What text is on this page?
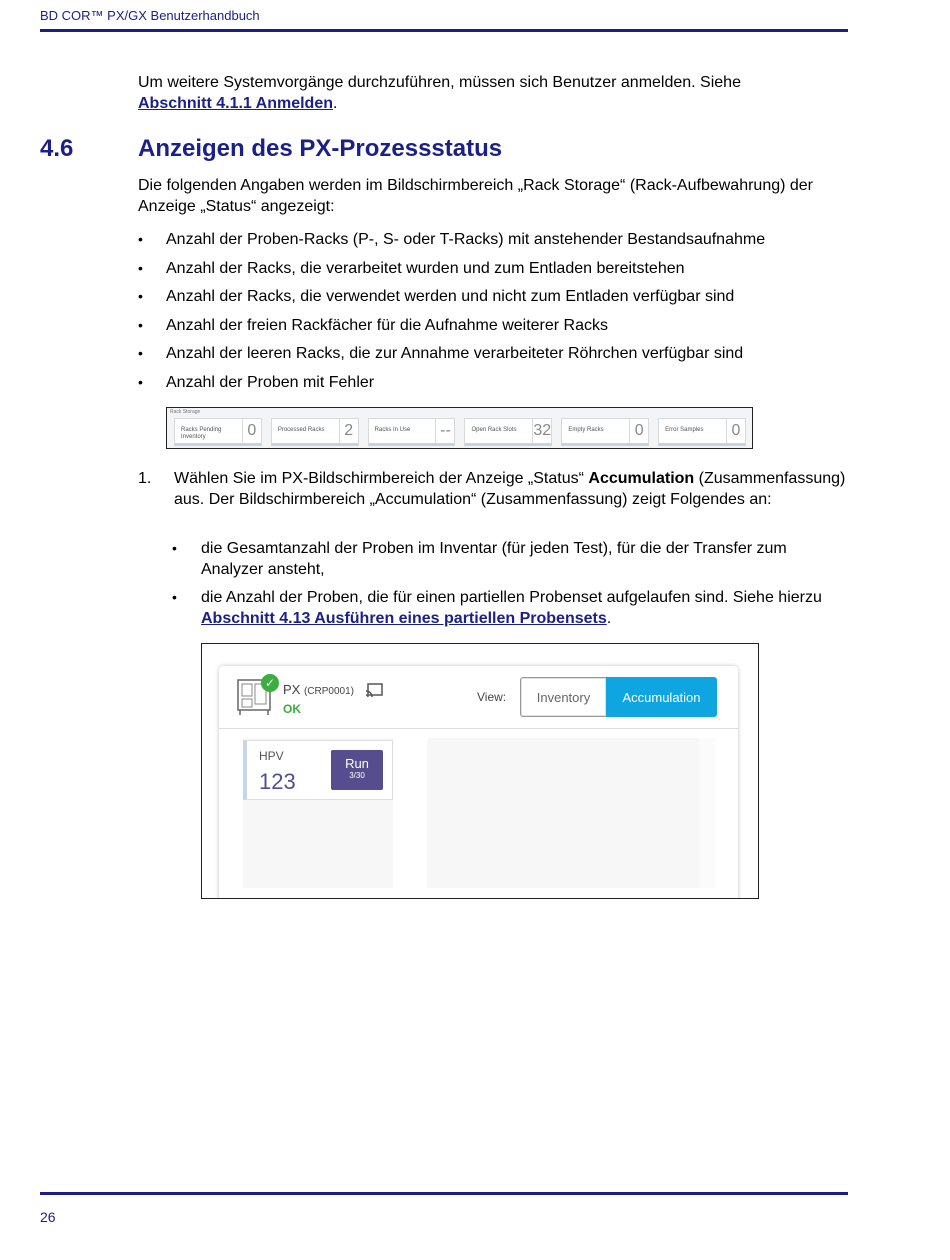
BD COR™ PX/GX Benutzerhandbuch
Um weitere Systemvorgänge durchzuführen, müssen sich Benutzer anmelden. Siehe
Abschnitt 4.1.1 Anmelden.
4.6	Anzeigen des PX-Prozessstatus
Die folgenden Angaben werden im Bildschirmbereich „Rack Storage“ (Rack-Aufbewahrung) der Anzeige „Status“ angezeigt:
• Anzahl der Proben-Racks (P-, S- oder T-Racks) mit anstehender Bestandsaufnahme
• Anzahl der Racks, die verarbeitet wurden und zum Entladen bereitstehen
• Anzahl der Racks, die verwendet werden und nicht zum Entladen verfügbar sind
• Anzahl der freien Rackfächer für die Aufnahme weiterer Racks
• Anzahl der leeren Racks, die zur Annahme verarbeiteter Röhrchen verfügbar sind
• Anzahl der Proben mit Fehler
Rack Storage
Racks Pending Inventory	0	Processed Racks	2	Racks In Use	--	Open Rack Slots	32	Empty Racks	0	Error Samples	0
1. Wählen Sie im PX-Bildschirmbereich der Anzeige „Status“ Accumulation (Zusammenfassung) aus. Der Bildschirmbereich „Accumulation“ (Zusammenfassung) zeigt Folgendes an:
• die Gesamtanzahl der Proben im Inventar (für jeden Test), für die der Transfer zum Analyzer ansteht,
• die Anzahl der Proben, die für einen partiellen Probenset aufgelaufen sind. Siehe hierzu Abschnitt 4.13 Ausführen eines partiellen Probensets.
✓ PX (CRP0001)
OK
View:	Inventory	Accumulation
HPV
123
Run
3/30
26
